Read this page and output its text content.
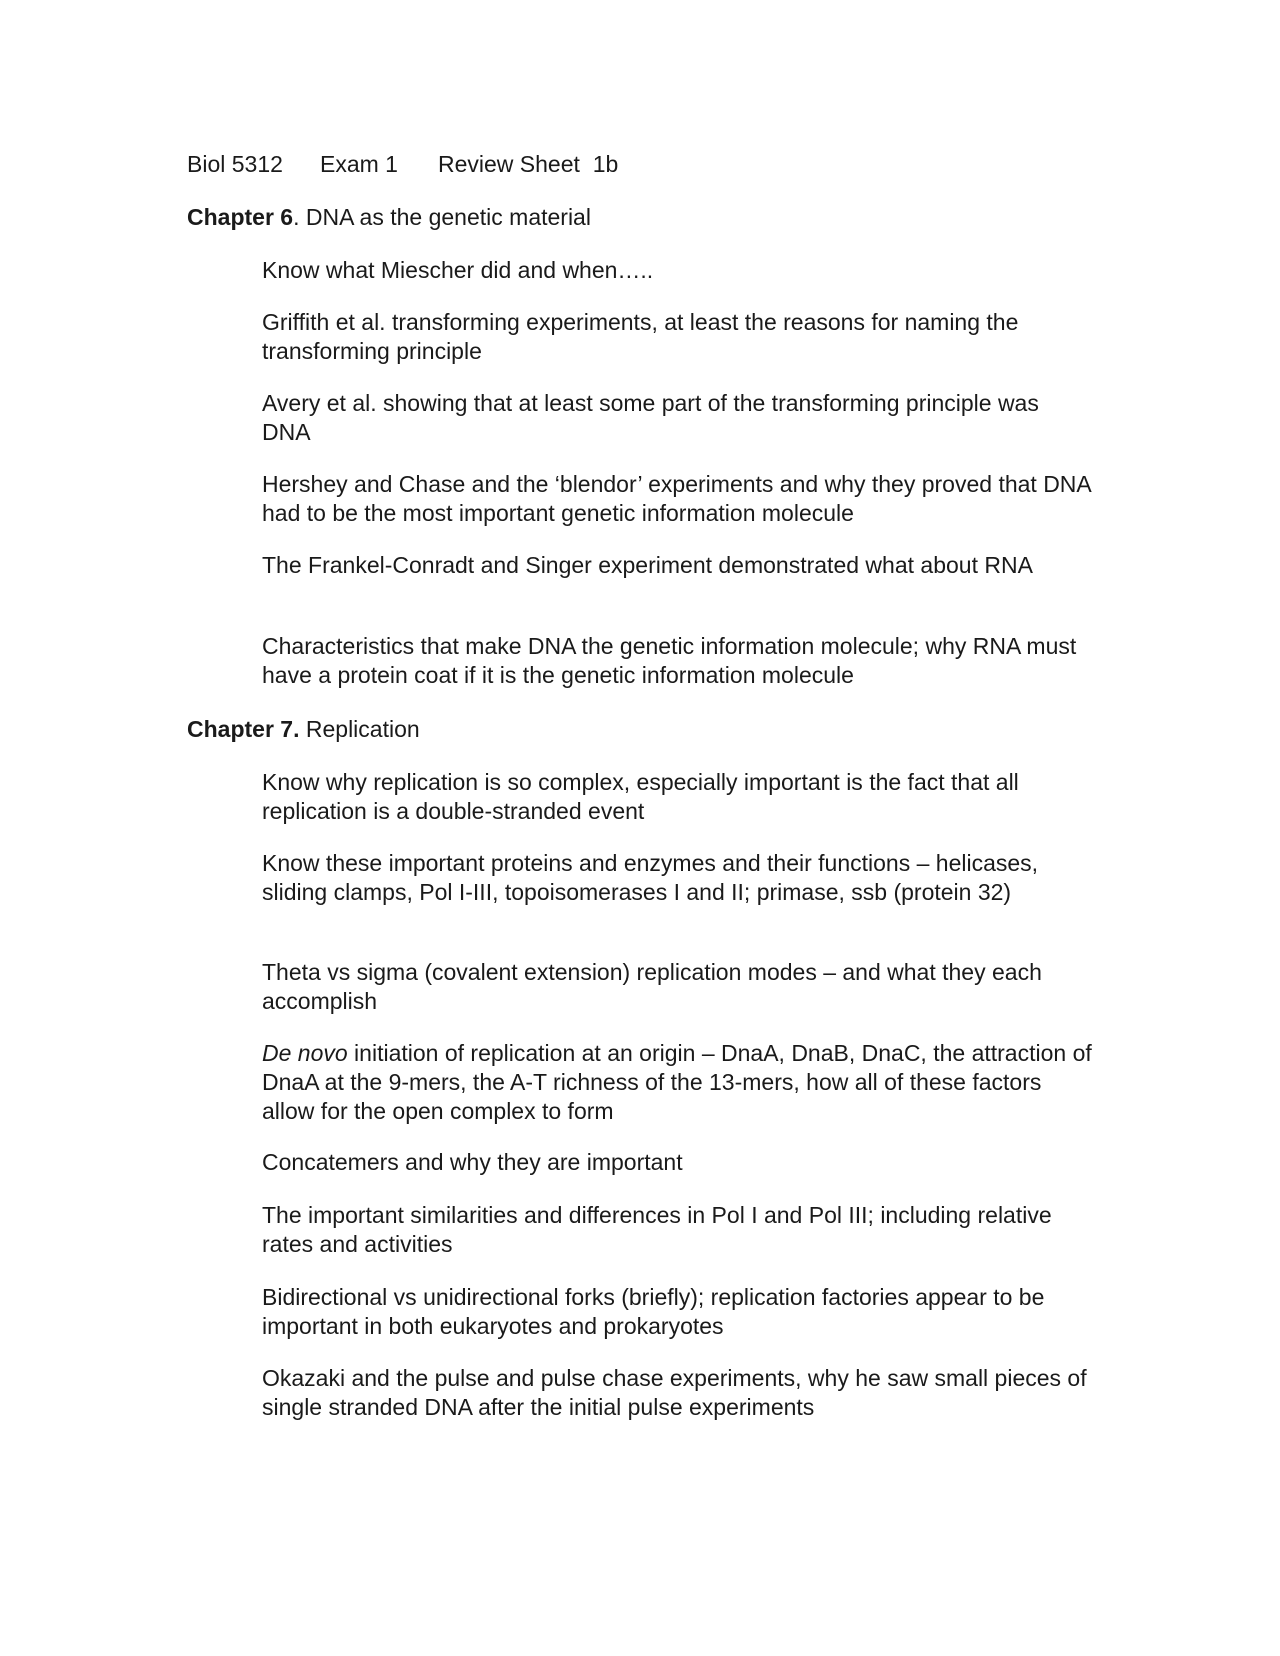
Biol 5312 Exam 1 Review Sheet  1b
Chapter 6. DNA as the genetic material
Know what Miescher did and when…..
Griffith et al. transforming experiments, at least the reasons for naming the transforming principle
Avery et al. showing that at least some part of the transforming principle was DNA
Hershey and Chase and the ‘blendor’ experiments and why they proved that DNA had to be the most important genetic information molecule
The Frankel-Conradt and Singer experiment demonstrated what about RNA
Characteristics that make DNA the genetic information molecule; why RNA must have a protein coat if it is the genetic information molecule
Chapter 7. Replication
Know why replication is so complex, especially important is the fact that all replication is a double-stranded event
Know these important proteins and enzymes and their functions – helicases, sliding clamps, Pol I-III, topoisomerases I and II; primase, ssb (protein 32)
Theta vs sigma (covalent extension) replication modes – and what they each accomplish
De novo initiation of replication at an origin – DnaA, DnaB, DnaC, the attraction of DnaA at the 9-mers, the A-T richness of the 13-mers, how all of these factors allow for the open complex to form
Concatemers and why they are important
The important similarities and differences in Pol I and Pol III; including relative rates and activities
Bidirectional vs unidirectional forks (briefly); replication factories appear to be important in both eukaryotes and prokaryotes
Okazaki and the pulse and pulse chase experiments, why he saw small pieces of single stranded DNA after the initial pulse experiments
